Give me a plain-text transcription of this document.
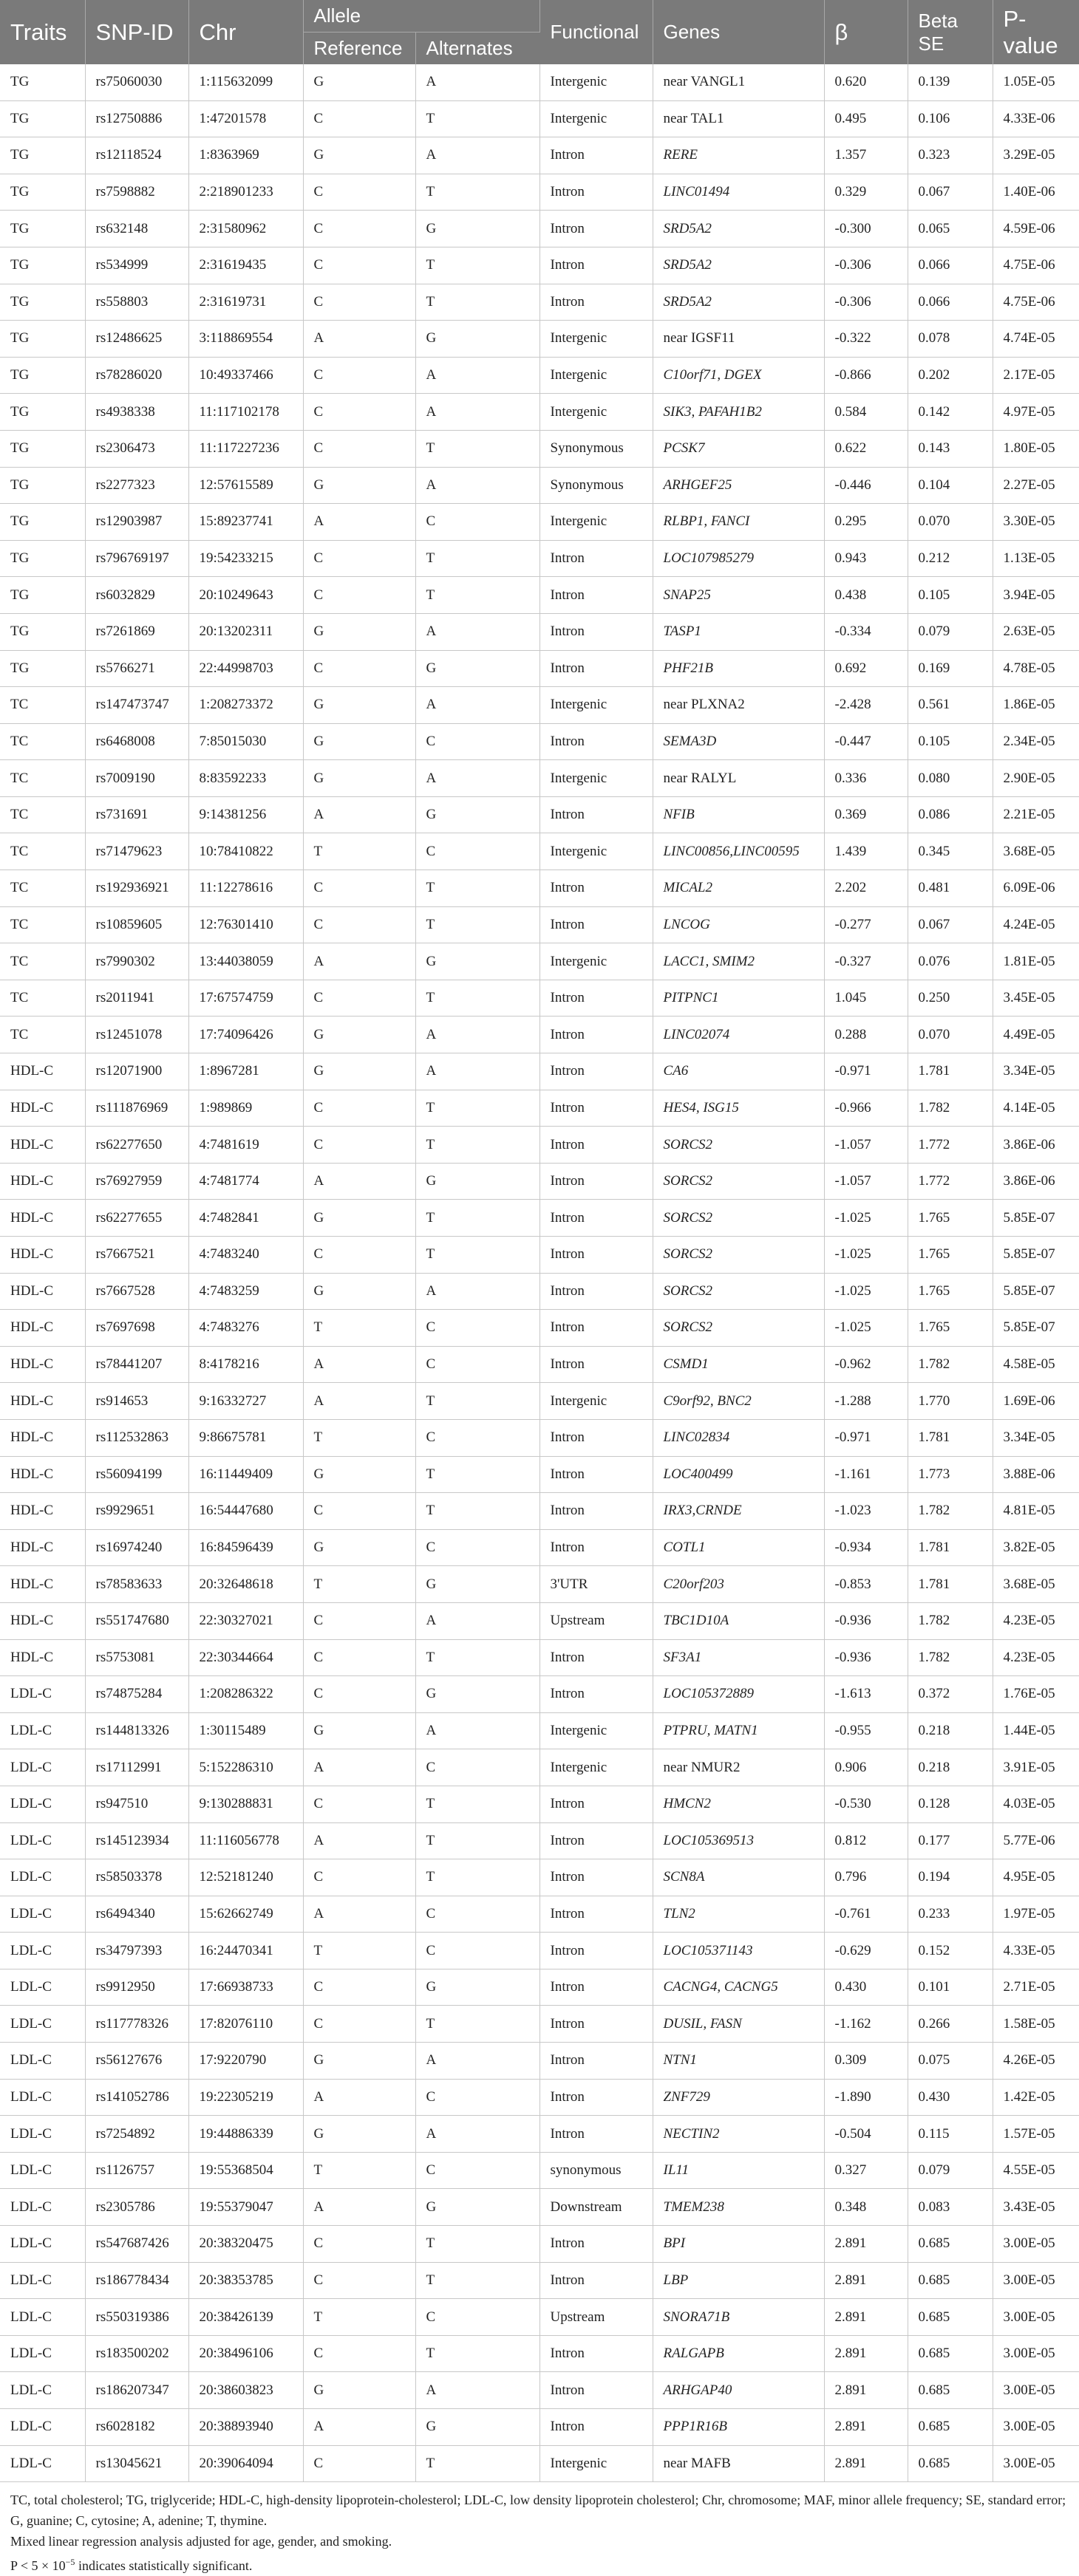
Traits	SNP-ID	Chr	Allele		Functional	Genes	β	Beta SE	P-value
			Reference	Alternates					
TG	rs75060030	1:115632099	G	A	Intergenic	near VANGL1	0.620	0.139	1.05E-05
TG	rs12750886	1:47201578	C	T	Intergenic	near TAL1	0.495	0.106	4.33E-06
TG	rs12118524	1:8363969	G	A	Intron	RERE	1.357	0.323	3.29E-05
TG	rs7598882	2:218901233	C	T	Intron	LINC01494	0.329	0.067	1.40E-06
TG	rs632148	2:31580962	C	G	Intron	SRD5A2	-0.300	0.065	4.59E-06
TG	rs534999	2:31619435	C	T	Intron	SRD5A2	-0.306	0.066	4.75E-06
TG	rs558803	2:31619731	C	T	Intron	SRD5A2	-0.306	0.066	4.75E-06
TG	rs12486625	3:118869554	A	G	Intergenic	near IGSF11	-0.322	0.078	4.74E-05
TG	rs78286020	10:49337466	C	A	Intergenic	C10orf71, DGEX	-0.866	0.202	2.17E-05
TG	rs4938338	11:117102178	C	A	Intergenic	SIK3, PAFAH1B2	0.584	0.142	4.97E-05
TG	rs2306473	11:117227236	C	T	Synonymous	PCSK7	0.622	0.143	1.80E-05
TG	rs2277323	12:57615589	G	A	Synonymous	ARHGEF25	-0.446	0.104	2.27E-05
TG	rs12903987	15:89237741	A	C	Intergenic	RLBP1, FANCI	0.295	0.070	3.30E-05
TG	rs796769197	19:54233215	C	T	Intron	LOC107985279	0.943	0.212	1.13E-05
TG	rs6032829	20:10249643	C	T	Intron	SNAP25	0.438	0.105	3.94E-05
TG	rs7261869	20:13202311	G	A	Intron	TASP1	-0.334	0.079	2.63E-05
TG	rs5766271	22:44998703	C	G	Intron	PHF21B	0.692	0.169	4.78E-05
TC	rs147473747	1:208273372	G	A	Intergenic	near PLXNA2	-2.428	0.561	1.86E-05
TC	rs6468008	7:85015030	G	C	Intron	SEMA3D	-0.447	0.105	2.34E-05
TC	rs7009190	8:83592233	G	A	Intergenic	near RALYL	0.336	0.080	2.90E-05
TC	rs731691	9:14381256	A	G	Intron	NFIB	0.369	0.086	2.21E-05
TC	rs71479623	10:78410822	T	C	Intergenic	LINC00856,LINC00595	1.439	0.345	3.68E-05
TC	rs192936921	11:12278616	C	T	Intron	MICAL2	2.202	0.481	6.09E-06
TC	rs10859605	12:76301410	C	T	Intron	LNCOG	-0.277	0.067	4.24E-05
TC	rs7990302	13:44038059	A	G	Intergenic	LACC1, SMIM2	-0.327	0.076	1.81E-05
TC	rs2011941	17:67574759	C	T	Intron	PITPNC1	1.045	0.250	3.45E-05
TC	rs12451078	17:74096426	G	A	Intron	LINC02074	0.288	0.070	4.49E-05
HDL-C	rs12071900	1:8967281	G	A	Intron	CA6	-0.971	1.781	3.34E-05
HDL-C	rs111876969	1:989869	C	T	Intron	HES4, ISG15	-0.966	1.782	4.14E-05
HDL-C	rs62277650	4:7481619	C	T	Intron	SORCS2	-1.057	1.772	3.86E-06
HDL-C	rs76927959	4:7481774	A	G	Intron	SORCS2	-1.057	1.772	3.86E-06
HDL-C	rs62277655	4:7482841	G	T	Intron	SORCS2	-1.025	1.765	5.85E-07
HDL-C	rs7667521	4:7483240	C	T	Intron	SORCS2	-1.025	1.765	5.85E-07
HDL-C	rs7667528	4:7483259	G	A	Intron	SORCS2	-1.025	1.765	5.85E-07
HDL-C	rs7697698	4:7483276	T	C	Intron	SORCS2	-1.025	1.765	5.85E-07
HDL-C	rs78441207	8:4178216	A	C	Intron	CSMD1	-0.962	1.782	4.58E-05
HDL-C	rs914653	9:16332727	A	T	Intergenic	C9orf92, BNC2	-1.288	1.770	1.69E-06
HDL-C	rs112532863	9:86675781	T	C	Intron	LINC02834	-0.971	1.781	3.34E-05
HDL-C	rs56094199	16:11449409	G	T	Intron	LOC400499	-1.161	1.773	3.88E-06
HDL-C	rs9929651	16:54447680	C	T	Intron	IRX3,CRNDE	-1.023	1.782	4.81E-05
HDL-C	rs16974240	16:84596439	G	C	Intron	COTL1	-0.934	1.781	3.82E-05
HDL-C	rs78583633	20:32648618	T	G	3'UTR	C20orf203	-0.853	1.781	3.68E-05
HDL-C	rs551747680	22:30327021	C	A	Upstream	TBC1D10A	-0.936	1.782	4.23E-05
HDL-C	rs5753081	22:30344664	C	T	Intron	SF3A1	-0.936	1.782	4.23E-05
LDL-C	rs74875284	1:208286322	C	G	Intron	LOC105372889	-1.613	0.372	1.76E-05
LDL-C	rs144813326	1:30115489	G	A	Intergenic	PTPRU, MATN1	-0.955	0.218	1.44E-05
LDL-C	rs17112991	5:152286310	A	C	Intergenic	near NMUR2	0.906	0.218	3.91E-05
LDL-C	rs947510	9:130288831	C	T	Intron	HMCN2	-0.530	0.128	4.03E-05
LDL-C	rs145123934	11:116056778	A	T	Intron	LOC105369513	0.812	0.177	5.77E-06
LDL-C	rs58503378	12:52181240	C	T	Intron	SCN8A	0.796	0.194	4.95E-05
LDL-C	rs6494340	15:62662749	A	C	Intron	TLN2	-0.761	0.233	1.97E-05
LDL-C	rs34797393	16:24470341	T	C	Intron	LOC105371143	-0.629	0.152	4.33E-05
LDL-C	rs9912950	17:66938733	C	G	Intron	CACNG4, CACNG5	0.430	0.101	2.71E-05
LDL-C	rs117778326	17:82076110	C	T	Intron	DUSIL, FASN	-1.162	0.266	1.58E-05
LDL-C	rs56127676	17:9220790	G	A	Intron	NTN1	0.309	0.075	4.26E-05
LDL-C	rs141052786	19:22305219	A	C	Intron	ZNF729	-1.890	0.430	1.42E-05
LDL-C	rs7254892	19:44886339	G	A	Intron	NECTIN2	-0.504	0.115	1.57E-05
LDL-C	rs1126757	19:55368504	T	C	synonymous	IL11	0.327	0.079	4.55E-05
LDL-C	rs2305786	19:55379047	A	G	Downstream	TMEM238	0.348	0.083	3.43E-05
LDL-C	rs547687426	20:38320475	C	T	Intron	BPI	2.891	0.685	3.00E-05
LDL-C	rs186778434	20:38353785	C	T	Intron	LBP	2.891	0.685	3.00E-05
LDL-C	rs550319386	20:38426139	T	C	Upstream	SNORA71B	2.891	0.685	3.00E-05
LDL-C	rs183500202	20:38496106	C	T	Intron	RALGAPB	2.891	0.685	3.00E-05
LDL-C	rs186207347	20:38603823	G	A	Intron	ARHGAP40	2.891	0.685	3.00E-05
LDL-C	rs6028182	20:38893940	A	G	Intron	PPP1R16B	2.891	0.685	3.00E-05
LDL-C	rs13045621	20:39064094	C	T	Intergenic	near MAFB	2.891	0.685	3.00E-05

TC, total cholesterol; TG, triglyceride; HDL-C, high-density lipoprotein-cholesterol; LDL-C, low density lipoprotein cholesterol; Chr, chromosome; MAF, minor allele frequency; SE, standard error; G, guanine; C, cytosine; A, adenine; T, thymine.

Mixed linear regression analysis adjusted for age, gender, and smoking.

$P < 5 \times 10^{-5}$ indicates statistically significant.
